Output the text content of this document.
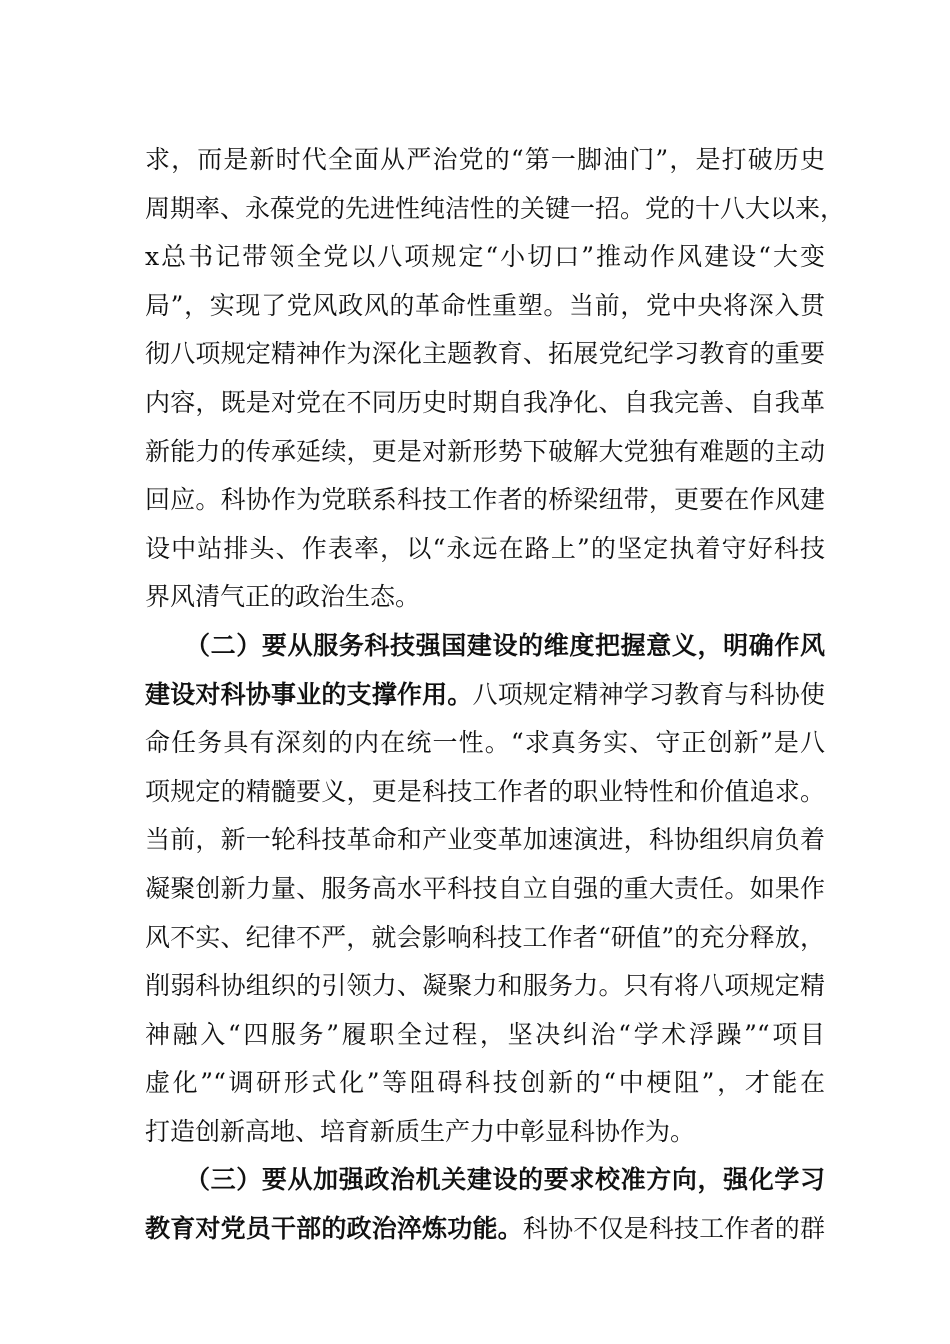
求，而是新时代全面从严治党的“第一脚油门”，是打破历史
周期率、永葆党的先进性纯洁性的关键一招。党的十八大以来，
x总书记带领全党以八项规定“小切口”推动作风建设“大变
局”，实现了党风政风的革命性重塑。当前，党中央将深入贯
彻八项规定精神作为深化主题教育、拓展党纪学习教育的重要
内容，既是对党在不同历史时期自我净化、自我完善、自我革
新能力的传承延续，更是对新形势下破解大党独有难题的主动
回应。科协作为党联系科技工作者的桥梁纽带，更要在作风建
设中站排头、作表率，以“永远在路上”的坚定执着守好科技
界风清气正的政治生态。
（二）要从服务科技强国建设的维度把握意义，明确作风
建设对科协事业的支撑作用。八项规定精神学习教育与科协使
命任务具有深刻的内在统一性。“求真务实、守正创新”是八
项规定的精髓要义，更是科技工作者的职业特性和价值追求。
当前，新一轮科技革命和产业变革加速演进，科协组织肩负着
凝聚创新力量、服务高水平科技自立自强的重大责任。如果作
风不实、纪律不严，就会影响科技工作者“研值”的充分释放，
削弱科协组织的引领力、凝聚力和服务力。只有将八项规定精
神融入“四服务”履职全过程，坚决纠治“学术浮躁”“项目
虚化”“调研形式化”等阻碍科技创新的“中梗阻”，才能在
打造创新高地、培育新质生产力中彰显科协作为。
（三）要从加强政治机关建设的要求校准方向，强化学习
教育对党员干部的政治淬炼功能。科协不仅是科技工作者的群
